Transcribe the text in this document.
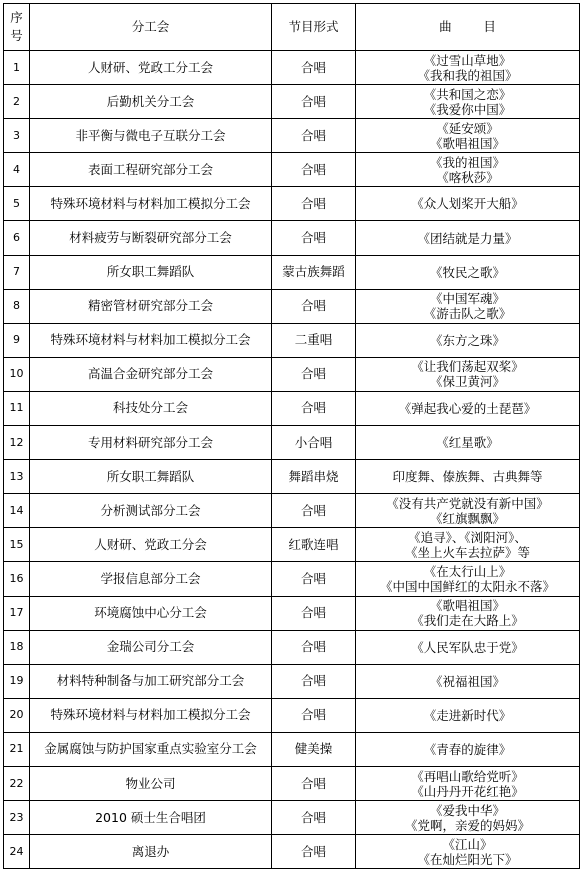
序
号	分工会	节目形式	曲        目
1	人财研、党政工分工会	合唱	《过雪山草地》
《我和我的祖国》

2	后勤机关分工会	合唱	《共和国之恋》
《我爱你中国》

3	非平衡与微电子互联分工会	合唱	《延安颂》
《歌唱祖国》

4	表面工程研究部分工会	合唱	《我的祖国》
《喀秋莎》

5	特殊环境材料与材料加工模拟分工会	合唱	《众人划桨开大船》

6	材料疲劳与断裂研究部分工会	合唱	《团结就是力量》

7	所女职工舞蹈队	蒙古族舞蹈	《牧民之歌》

8	精密管材研究部分工会	合唱	《中国军魂》
《游击队之歌》

9	特殊环境材料与材料加工模拟分工会	二重唱	《东方之珠》

10	高温合金研究部分工会	合唱	《让我们荡起双桨》
《保卫黄河》

11	科技处分工会	合唱	《弹起我心爱的土琵琶》

12	专用材料研究部分工会	小合唱	《红星歌》

13	所女职工舞蹈队	舞蹈串烧	印度舞、傣族舞、古典舞等

14	分析测试部分工会	合唱	《没有共产党就没有新中国》
《红旗飘飘》

15	人财研、党政工分会	红歌连唱	《追寻》、《浏阳河》、
《坐上火车去拉萨》等

16	学报信息部分工会	合唱	《在太行山上》
《中国中国鲜红的太阳永不落》

17	环境腐蚀中心分工会	合唱	《歌唱祖国》
《我们走在大路上》

18	金瑞公司分工会	合唱	《人民军队忠于党》

19	材料特种制备与加工研究部分工会	合唱	《祝福祖国》

20	特殊环境材料与材料加工模拟分工会	合唱	《走进新时代》

21	金属腐蚀与防护国家重点实验室分工会	健美操	《青春的旋律》

22	物业公司	合唱	《再唱山歌给党听》
《山丹丹开花红艳》

23	2010 硕士生合唱团	合唱	《爱我中华》
《党啊，亲爱的妈妈》

24	离退办	合唱	《江山》
《在灿烂阳光下》
